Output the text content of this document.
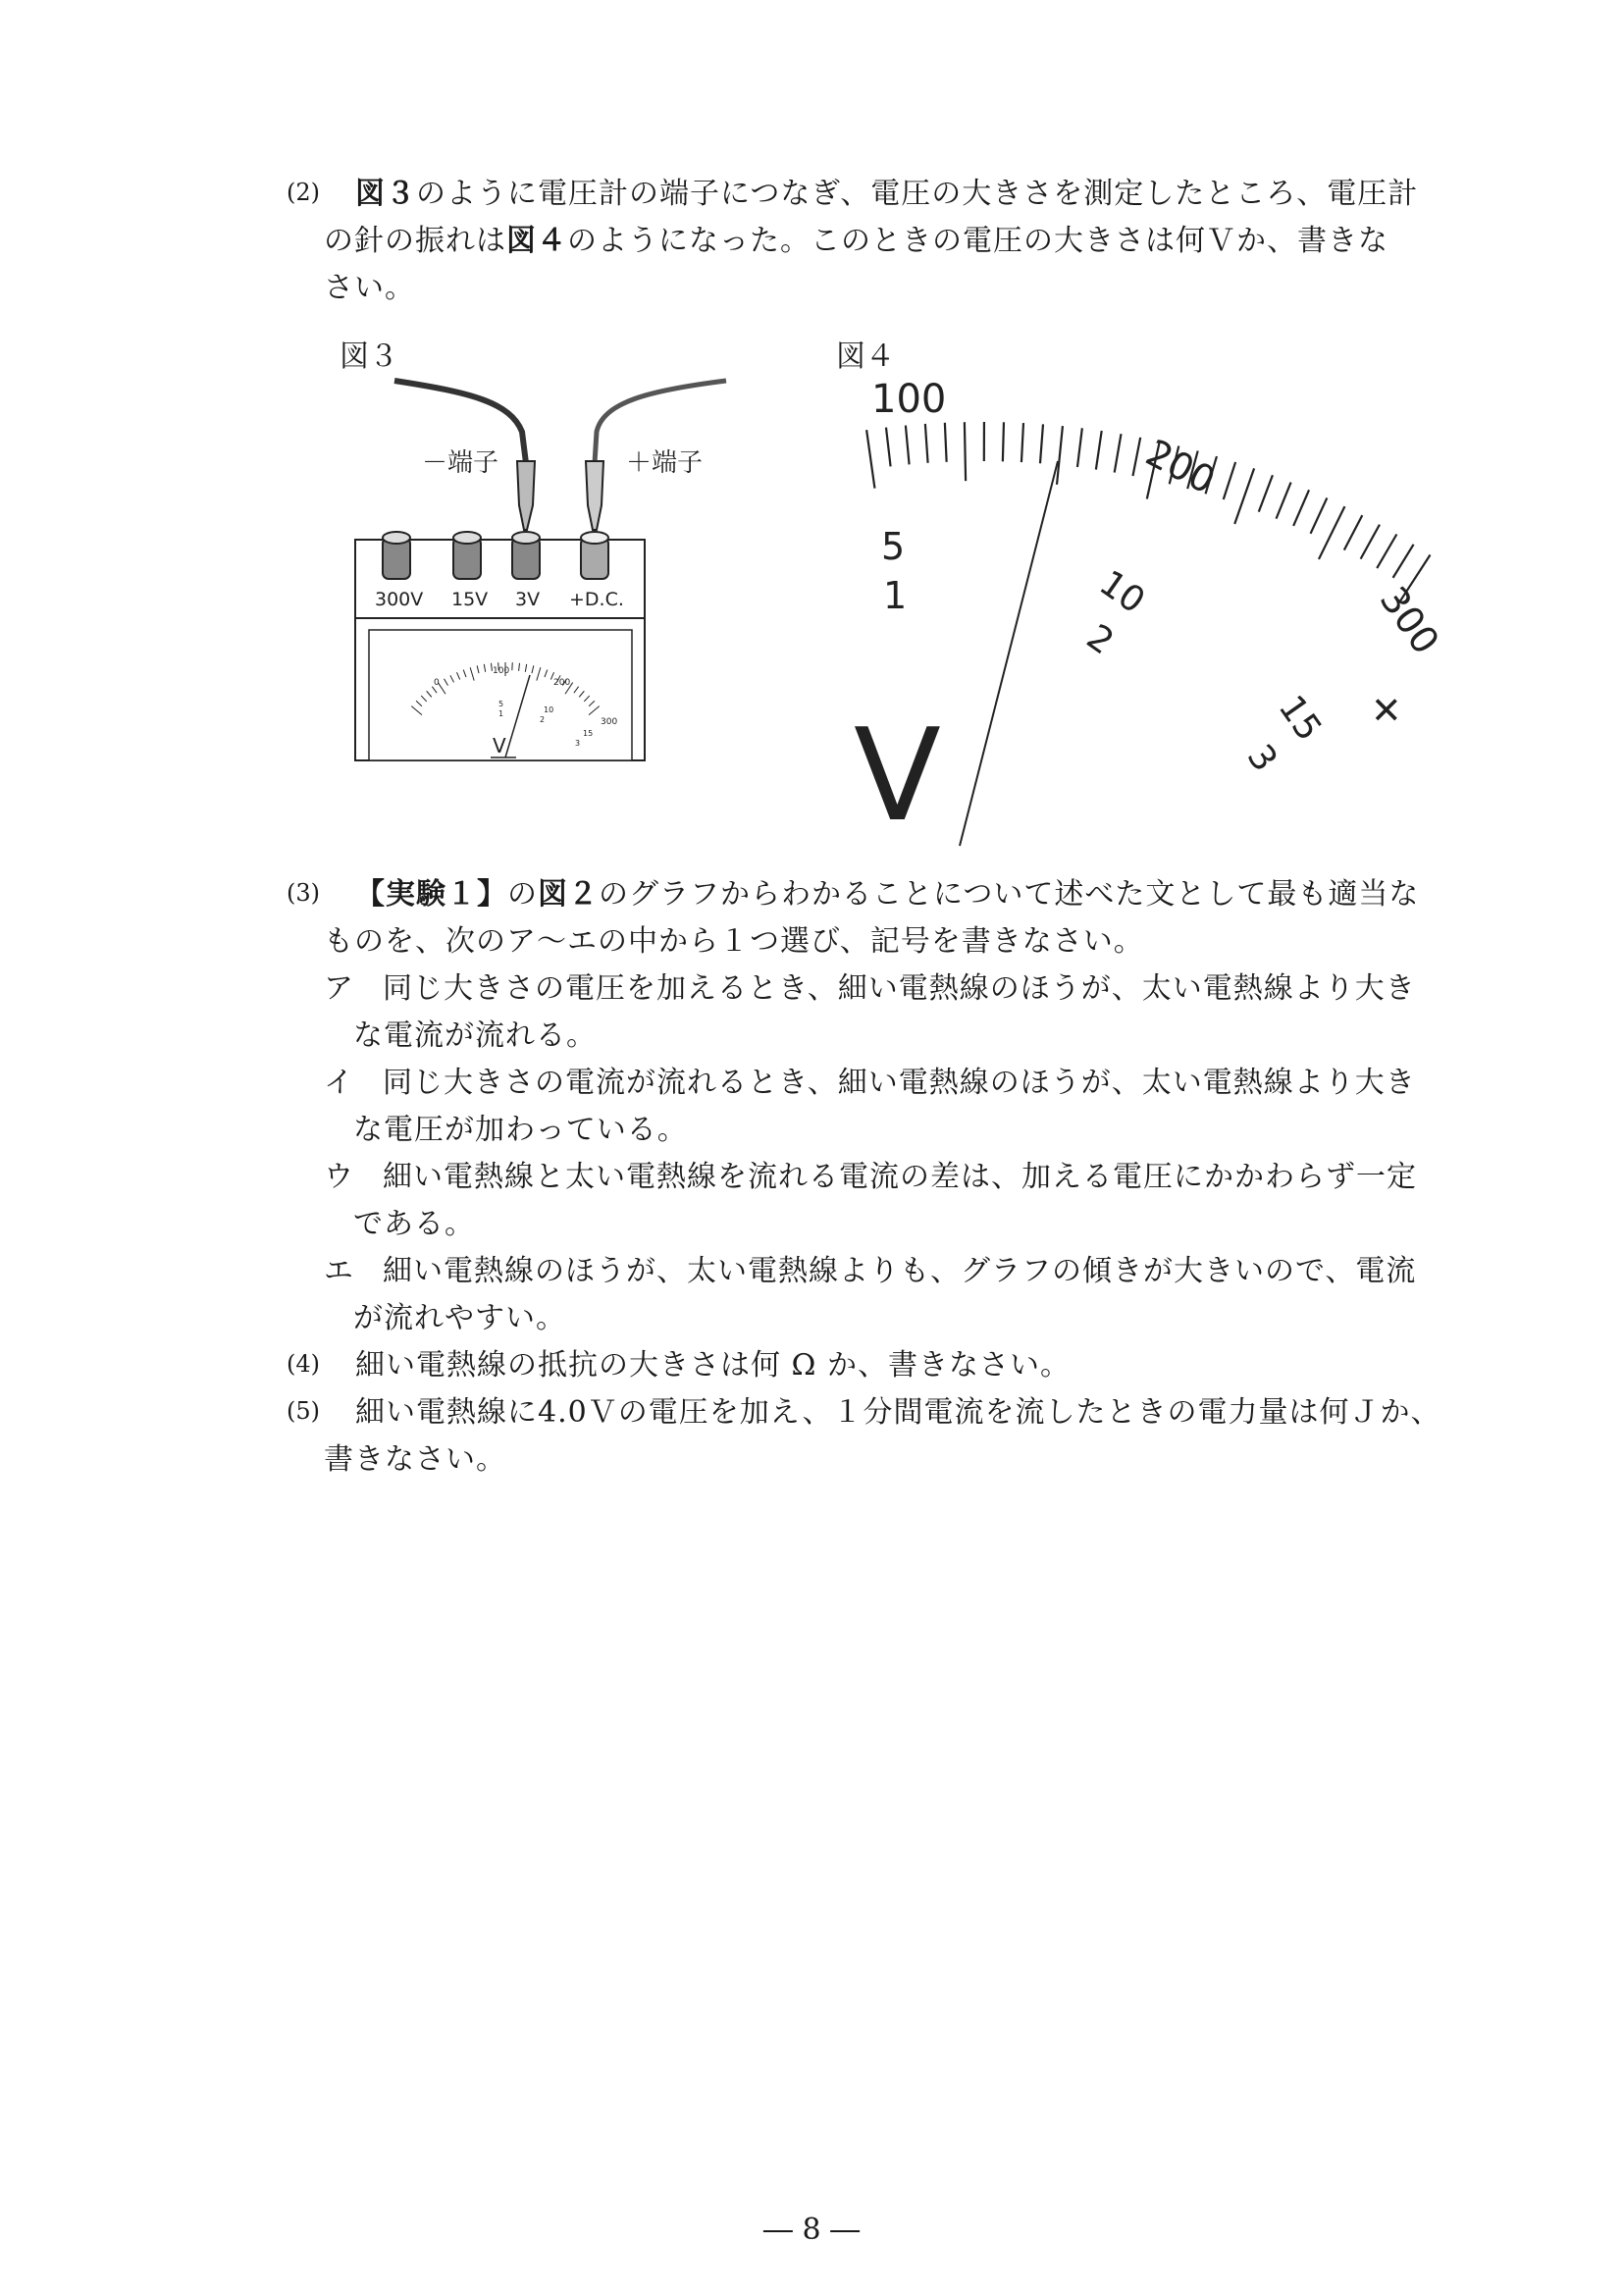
(2) 図３のように電圧計の端子につなぎ、電圧の大きさを測定したところ、電圧計
の針の振れは図４のようになった。このときの電圧の大きさは何Ｖか、書きな
さい。
図３	図４
－端子	＋端子
300V 15V 3V +D.C.
0
100
200
300
5
10
15
1
2
3
V
100
200
300
5
1	10
2
15
3
+
V
(3) 【実験１】の図２のグラフからわかることについて述べた文として最も適当な
ものを、次のア～エの中から１つ選び、記号を書きなさい。
ア 同じ大きさの電圧を加えるとき、細い電熱線のほうが、太い電熱線より大き
な電流が流れる。
イ 同じ大きさの電流が流れるとき、細い電熱線のほうが、太い電熱線より大き
な電圧が加わっている。
ウ 細い電熱線と太い電熱線を流れる電流の差は、加える電圧にかかわらず一定
である。
エ 細い電熱線のほうが、太い電熱線よりも、グラフの傾きが大きいので、電流
が流れやすい。
(4) 細い電熱線の抵抗の大きさは何 Ω か、書きなさい。
(5) 細い電熱線に4.0Ｖの電圧を加え、１分間電流を流したときの電力量は何Ｊか、
書きなさい。
― 8 ―
